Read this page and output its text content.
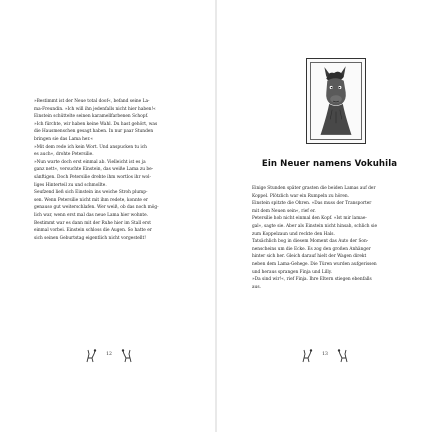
»Bestimmt ist der Neue total doof«, befand seine La-

ma-Freundin. »Ich will ihn jedenfalls nicht hier haben!«

Einstein schüttelte seinen karamellfarbenen Schopf.

»Ich fürchte, wir haben keine Wahl. Du hast gehört, was

die Hausmenschen gesagt haben. In nur paar Stunden

bringen sie das Lama her.«

»Mit dem rede ich kein Wort. Und anspucken tu ich

es auch«, drohte Petersilie.

»Nun warte doch erst einmal ab. Vielleicht ist es ja

ganz nett«, versuchte Einstein, das weiße Lama zu be-

sänftigen. Doch Petersilie drehte ihm wortlos ihr wol-

liges Hinterteil zu und schmollte.

Seufzend ließ sich Einstein ins weiche Stroh plump-

sen. Wenn Petersilie nicht mit ihm redete, konnte er

genauso gut weiterschlafen. Wer weiß, ob das noch mög-

lich war, wenn erst mal das neue Lama hier wohnte.

Bestimmt war es dann mit der Ruhe hier im Stall erst

einmal vorbei. Einstein schloss die Augen. So hatte er

sich seinen Geburtstag eigentlich nicht vorgestellt!

12
Ein Neuer namens Vokuhila

Einige Stunden später grasten die beiden Lamas auf der

Koppel. Plötzlich war ein Rumpeln zu hören.

Einstein spitzte die Ohren. »Das muss der Transporter

mit dem Neuen sein«, rief er.

Petersilie hob nicht einmal den Kopf. »Ist mir lamae-

gal«, sagte sie. Aber als Einstein nicht hinsah, schlich sie

zum Koppelzaun und reckte den Hals.

Tatsächlich bog in diesem Moment das Auto der Son-

nenscheins um die Ecke. Es zog den großen Anhänger

hinter sich her. Gleich darauf hielt der Wagen direkt

neben dem Lama-Gehege. Die Türen wurden aufgerissen

und heraus sprangen Finja und Lilly.

»Da sind wir!«, rief Finja. Ihre Eltern stiegen ebenfalls

aus.

13
